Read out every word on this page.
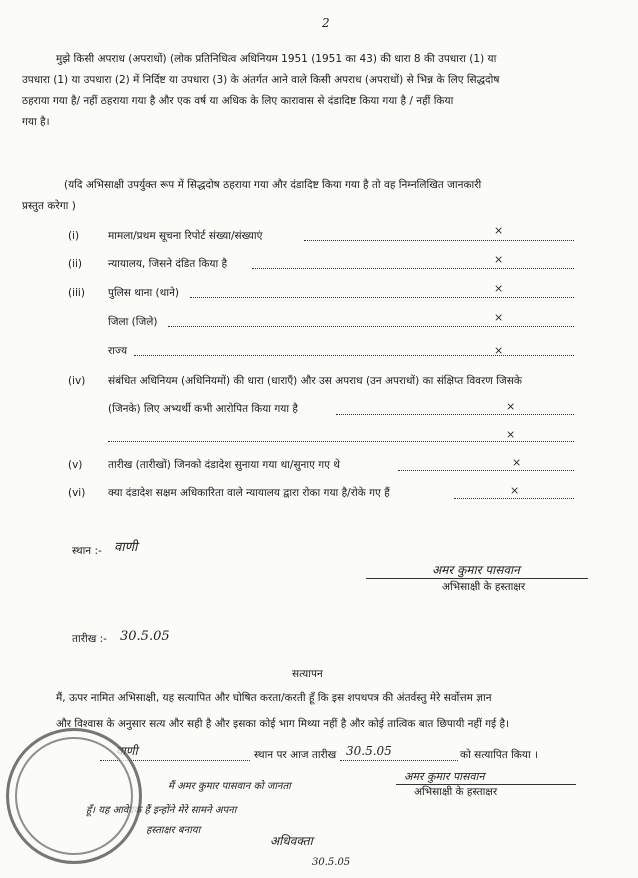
2
मुझे किसी अपराध (अपराधों) (लोक प्रतिनिधित्व अधिनियम 1951 (1951 का 43) की धारा 8 की उपधारा (1) या
उपधारा (1) या उपधारा (2) में निर्दिष्ट या उपधारा (3) के अंतर्गत आने वाले किसी अपराध (अपराधों) से भिन्न के लिए सिद्धदोष
ठहराया गया है/ नहीं ठहराया गया है और एक वर्ष या अधिक के लिए कारावास से दंडादिष्ट किया गया है / नहीं किया
गया है।
(यदि अभिसाक्षी उपर्युक्त रूप में सिद्धदोष ठहराया गया और दंडादिष्ट किया गया है तो वह निम्नलिखित जानकारी
प्रस्तुत करेगा )
(i)	मामला/प्रथम सूचना रिपोर्ट संख्या/संख्याएं	×
(ii) न्यायालय, जिसने दंडित किया है	×
(iii) पुलिस थाना (थाने)	×
जिला (जिले)	×
राज्य	×
(iv) संबंधित अधिनियम (अधिनियमों) की धारा (धाराएँ) और उस अपराध (उन अपराधों) का संक्षिप्त विवरण जिसके
(जिनके) लिए अभ्यर्थी कभी आरोपित किया गया है	×
×
(v) तारीख (तारीखों) जिनको दंडादेश सुनाया गया था/सुनाए गए थे	×
(vi) क्या दंडादेश सक्षम अधिकारिता वाले न्यायालय द्वारा रोका गया है/रोके गए हैं	×
स्थान :- वाणी
अमर कुमार पासवान
अभिसाक्षी के हस्ताक्षर
तारीख :- 30.5.05
सत्यापन
मैं, ऊपर नामित अभिसाक्षी, यह सत्यापित और घोषित करता/करती हूँ कि इस शपथपत्र की अंतर्वस्तु मेरे सर्वोत्तम ज्ञान
और विश्वास के अनुसार सत्य और सही है और इसका कोई भाग मिथ्या नहीं है और कोई तात्विक बात छिपायी नहीं गई है।
वाणी	स्थान पर आज तारीख 30.5.05	को सत्यापित किया ।
अमर कुमार पासवान
अभिसाक्षी के हस्ताक्षर
मैं अमर कुमार पासवान को जानता
हूँ। यह आवेदक हैं इन्होंने मेरे सामने अपना
हस्ताक्षर बनाया
अधिवक्ता
30.5.05
